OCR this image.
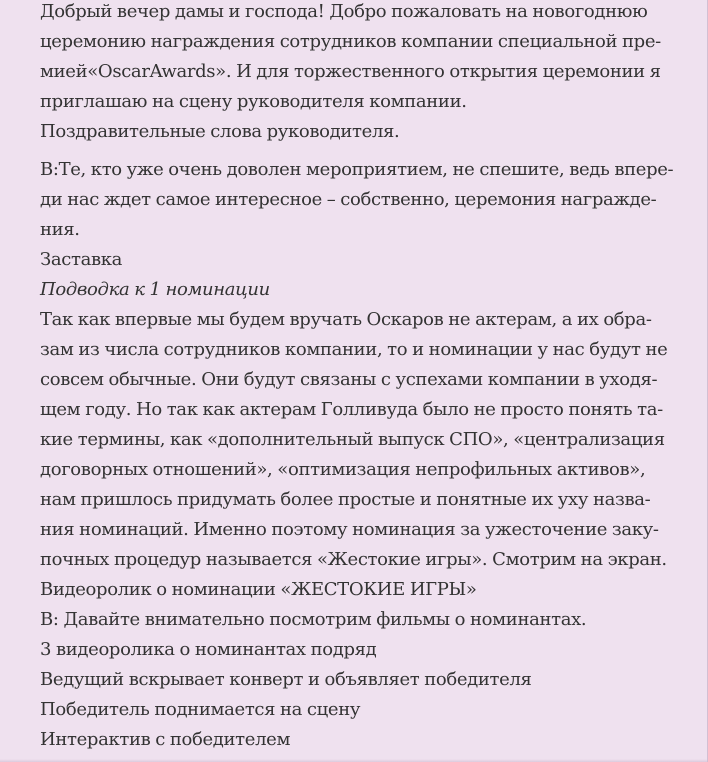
Добрый вечер дамы и господа! Добро пожаловать на новогоднюю
церемонию награждения сотрудников компании специальной пре-
мией«OscarAwards». И для торжественного открытия церемонии я
приглашаю на сцену руководителя компании.
Поздравительные слова руководителя.
В:Те, кто уже очень доволен мероприятием, не спешите, ведь впере-
ди нас ждет самое интересное – собственно, церемония награжде-
ния.
Заставка
Подводка к 1 номинации
Так как впервые мы будем вручать Оскаров не актерам, а их обра-
зам из числа сотрудников компании, то и номинации у нас будут не
совсем обычные. Они будут связаны с успехами компании в уходя-
щем году. Но так как актерам Голливуда было не просто понять та-
кие термины, как «дополнительный выпуск СПО», «централизация
договорных отношений», «оптимизация непрофильных активов»,
нам пришлось придумать более простые и понятные их уху назва-
ния номинаций. Именно поэтому номинация за ужесточение заку-
почных процедур называется «Жестокие игры». Смотрим на экран.
Видеоролик о номинации «ЖЕСТОКИЕ ИГРЫ»
В: Давайте внимательно посмотрим фильмы о номинантах.
3 видеоролика о номинантах подряд
Ведущий вскрывает конверт и объявляет победителя
Победитель поднимается на сцену
Интерактив с победителем
